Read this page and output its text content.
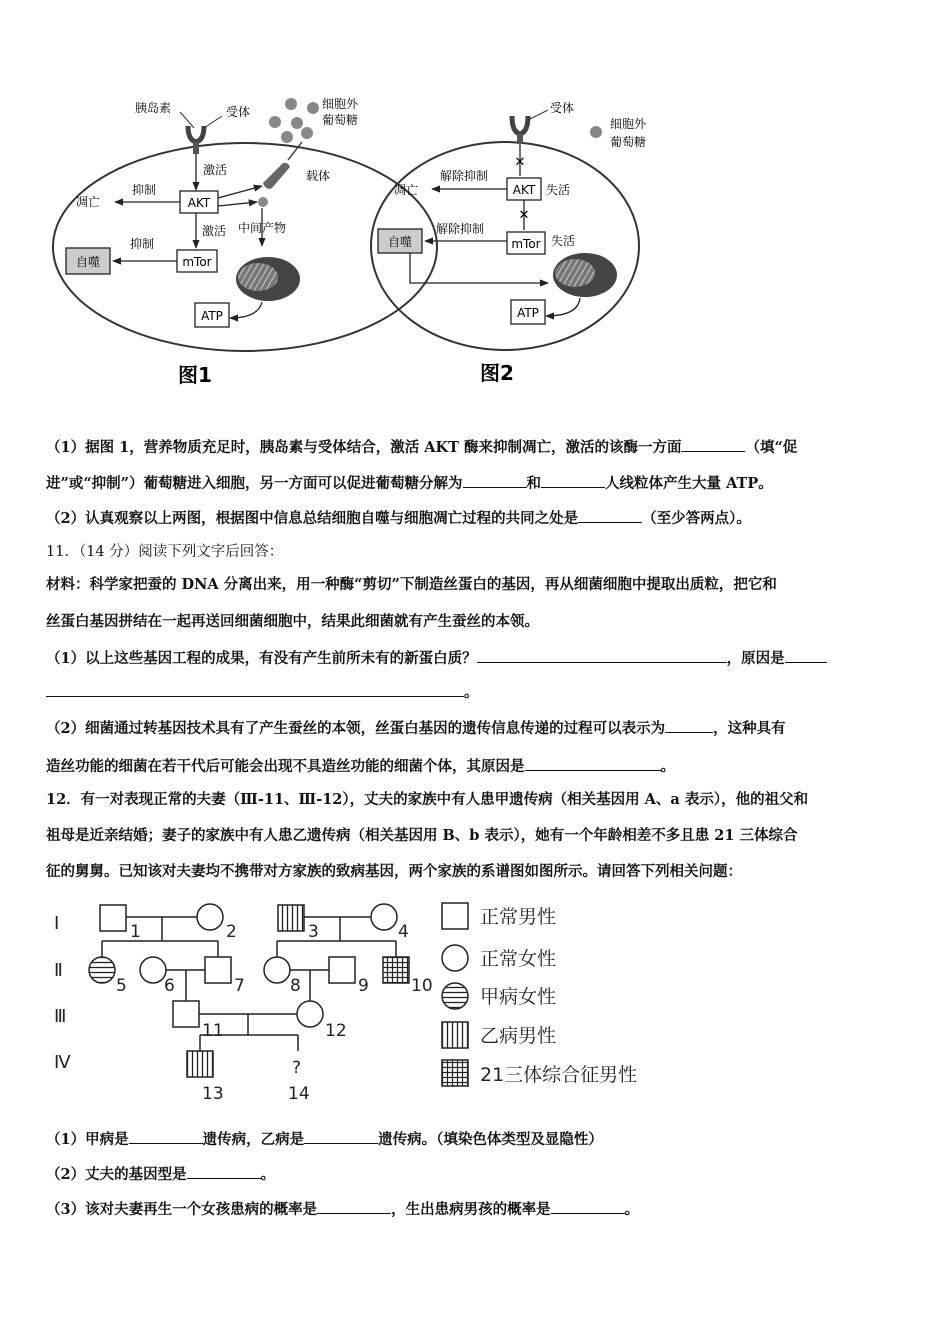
胰岛素	受体
细胞外
葡萄糖
载体
激活
AKT
抑制
凋亡
激活 中间产物
mTor
抑制
自噬
ATP
图1
受体
细胞外
葡萄糖
✕
AKT 失活
解除抑制
凋亡
✕
mTor 失活
解除抑制
自噬
ATP
图2
（1）据图 1，营养物质充足时，胰岛素与受体结合，激活 AKT 酶来抑制凋亡，激活的该酶一方面	（填“促
进”或“抑制”）葡萄糖进入细胞，另一方面可以促进葡萄糖分解为	和	人线粒体产生大量 ATP。
（2）认真观察以上两图，根据图中信息总结细胞自噬与细胞凋亡过程的共同之处是	（至少答两点）。
11．（14 分）阅读下列文字后回答：
材料：科学家把蚕的 DNA 分离出来，用一种酶“剪切”下制造丝蛋白的基因，再从细菌细胞中提取出质粒，把它和
丝蛋白基因拼结在一起再送回细菌细胞中，结果此细菌就有产生蚕丝的本领。
（1）以上这些基因工程的成果，有没有产生前所未有的新蛋白质？	，原因是
。
（2）细菌通过转基因技术具有了产生蚕丝的本领，丝蛋白基因的遗传信息传递的过程可以表示为	，这种具有
造丝功能的细菌在若干代后可能会出现不具造丝功能的细菌个体，其原因是	。
12．有一对表现正常的夫妻（Ⅲ-11、Ⅲ-12），丈夫的家族中有人患甲遗传病（相关基因用 A、a 表示），他的祖父和
祖母是近亲结婚；妻子的家族中有人患乙遗传病（相关基因用 B、b 表示），她有一个年龄相差不多且患 21 三体综合
征的舅舅。已知该对夫妻均不携带对方家族的致病基因，两个家族的系谱图如图所示。请回答下列相关问题：
Ⅰ
Ⅱ
Ⅲ
Ⅳ
1	2	3	4
5 6	7	8	9 10
11	12
13
?
14
正常男性
正常女性
甲病女性
乙病男性
21三体综合征男性
（1）甲病是	遗传病，乙病是	遗传病。（填染色体类型及显隐性）
（2）丈夫的基因型是	。
（3）该对夫妻再生一个女孩患病的概率是	，生出患病男孩的概率是	。
